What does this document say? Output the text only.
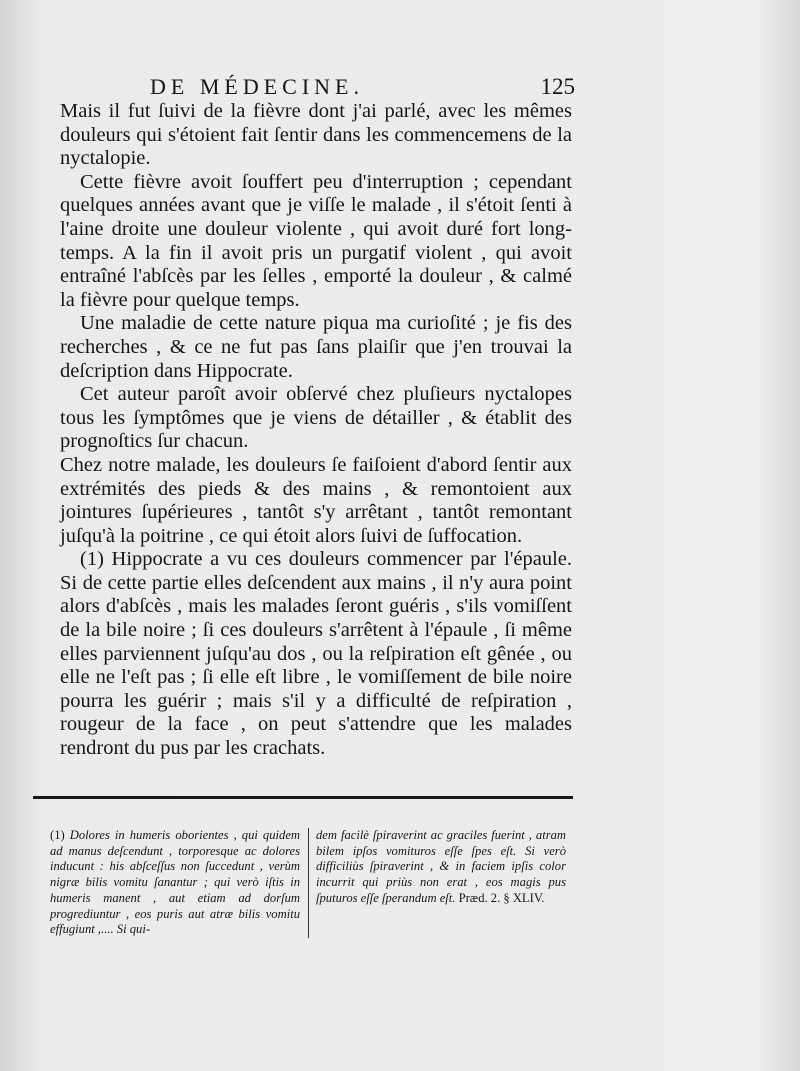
DE MÉDECINE.	125

Mais il fut ſuivi de la fièvre dont j'ai parlé, avec les mêmes douleurs qui s'étoient fait ſentir dans les commencemens de la nyctalopie.

Cette fièvre avoit ſouffert peu d'interruption ; cependant quelques années avant que je viſſe le malade , il s'étoit ſenti à l'aine droite une douleur violente , qui avoit duré fort long-temps. A la fin il avoit pris un purgatif violent , qui avoit entraîné l'abſcès par les ſelles , emporté la douleur , & calmé la fièvre pour quelque temps.

Une maladie de cette nature piqua ma curioſité ; je fis des recherches , & ce ne fut pas ſans plaiſir que j'en trouvai la deſcription dans Hippocrate.

Cet auteur paroît avoir obſervé chez pluſieurs nyctalopes tous les ſymptômes que je viens de détailler , & établit des prognoſtics ſur chacun.

Chez notre malade, les douleurs ſe faiſoient d'abord ſentir aux extrémités des pieds & des mains , & remontoient aux jointures ſupérieures , tantôt s'y arrêtant , tantôt remontant juſqu'à la poitrine , ce qui étoit alors ſuivi de ſuffocation.

(1) Hippocrate a vu ces douleurs commencer par l'épaule. Si de cette partie elles deſcendent aux mains , il n'y aura point alors d'abſcès , mais les malades ſeront guéris , s'ils vomiſſent de la bile noire ; ſi ces douleurs s'arrêtent à l'épaule , ſi même elles parviennent juſqu'au dos , ou la reſpiration eſt gênée , ou elle ne l'eſt pas ; ſi elle eſt libre , le vomiſſement de bile noire pourra les guérir ; mais s'il y a difficulté de reſpiration , rougeur de la face , on peut s'attendre que les malades rendront du pus par les crachats.

(1) Dolores in humeris oborientes , qui quidem ad manus deſcendunt , torporesque ac dolores inducunt : his abſceſſus non ſuccedunt , verùm nigræ bilis vomitu ſanantur ; qui verò iſtis in humeris manent , aut etiam ad dorſum progrediuntur , eos puris aut atræ bilis vomitu effugiunt ,.... Si qui-

dem facilè ſpiraverint ac graciles fuerint , atram bilem ipſos vomituros eſſe ſpes eſt. Si verò difficiliùs ſpiraverint , & in faciem ipſis color incurrit qui priùs non erat , eos magis pus ſputuros eſſe ſperandum eſt. Præd. 2. § XLIV.
